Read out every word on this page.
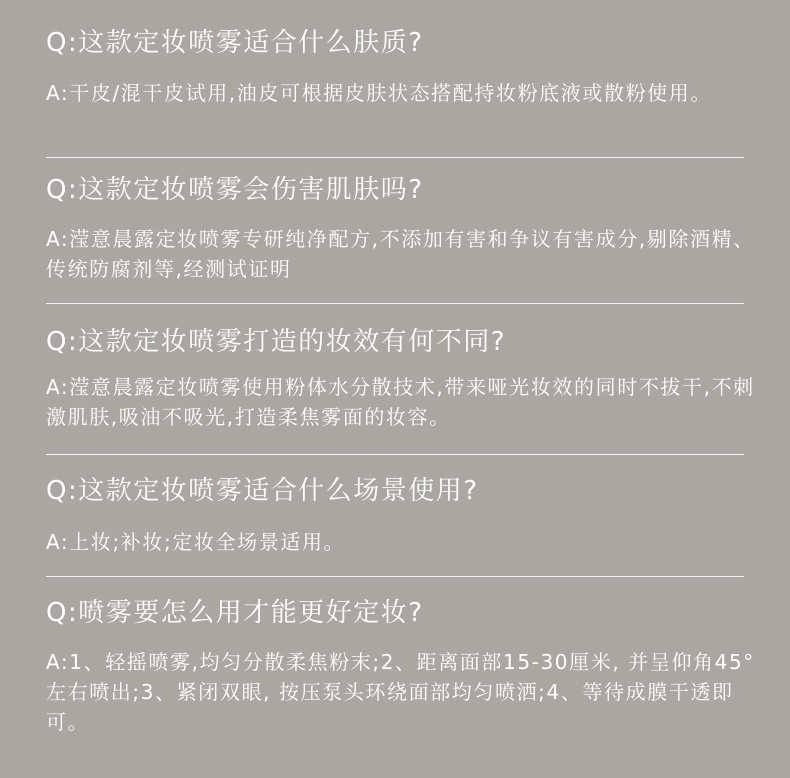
Q:这款定妆喷雾适合什么肤质?

A:干皮/混干皮试用,油皮可根据皮肤状态搭配持妆粉底液或散粉使用。

Q:这款定妆喷雾会伤害肌肤吗?

A:滢意晨露定妆喷雾专研纯净配方,不添加有害和争议有害成分,剔除酒精、传统防腐剂等,经测试证明

Q:这款定妆喷雾打造的妆效有何不同?

A:滢意晨露定妆喷雾使用粉体水分散技术,带来哑光妆效的同时不拔干,不刺激肌肤,吸油不吸光,打造柔焦雾面的妆容。

Q:这款定妆喷雾适合什么场景使用?

A:上妆;补妆;定妆全场景适用。

Q:喷雾要怎么用才能更好定妆?

A:1、轻摇喷雾,均匀分散柔焦粉末;2、距离面部15-30厘米, 并呈仰角45°左右喷出;3、紧闭双眼, 按压泵头环绕面部均匀喷洒;4、等待成膜干透即可。
